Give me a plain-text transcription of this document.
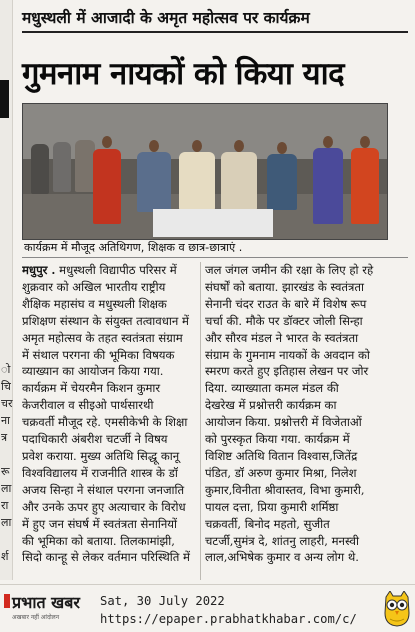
ो
चि
चर
ना
त्र
रू
ला
रा
ला
र्श
मधुस्थली में आजादी के अमृत महोत्सव पर कार्यक्रम
गुमनाम नायकों को किया याद
कार्यक्रम में मौजूद अतिथिगण, शिक्षक व छात्र-छात्राएं .
मधुपुर . मधुस्थली विद्यापीठ परिसर में
शुक्रवार को अखिल भारतीय राष्ट्रीय
शैक्षिक महासंघ व मधुस्थली शिक्षक
प्रशिक्षण संस्थान के संयुक्त तत्वावधान में
अमृत महोत्सव के तहत स्वतंत्रता संग्राम
में संथाल परगना की भूमिका विषयक
व्याख्यान का आयोजन किया गया.
कार्यक्रम में चेयरमैन किशन कुमार
केजरीवाल व सीइओ पार्थसारथी
चक्रवर्ती मौजूद रहे. एमसीकेभी के शिक्षा
पदाधिकारी अंबरीश चटर्जी ने विषय
प्रवेश कराया. मुख्य अतिथि सिद्धू कानू
विश्वविद्यालय में राजनीति शास्त्र के डॉ
अजय सिन्हा ने संथाल परगना जनजाति
और उनके ऊपर हुए अत्याचार के विरोध
में हुए जन संघर्ष में स्वतंत्रता सेनानियों
की भूमिका को बताया. तिलकामांझी,
सिदो कान्हू से लेकर वर्तमान परिस्थिति में
जल जंगल जमीन की रक्षा के लिए हो रहे
संघर्षों को बताया. झारखंड के स्वतंत्रता
सेनानी चंदर राउत के बारे में विशेष रूप
चर्चा की. मौके पर डॉक्टर जोली सिन्हा
और सौरव मंडल ने भारत के स्वतंत्रता
संग्राम के गुमनाम नायकों के अवदान को
स्मरण करते हुए इतिहास लेखन पर जोर
दिया. व्याख्याता कमल मंडल की
देखरेख में प्रश्नोत्तरी कार्यक्रम का
आयोजन किया. प्रश्नोत्तरी में विजेताओं
को पुरस्कृत किया गया. कार्यक्रम में
विशिष्ट अतिथि वितान विश्वास,जितेंद्र
पंडित, डॉ अरुण कुमार मिश्रा, निलेश
कुमार,विनीता श्रीवास्तव, विभा कुमारी,
पायल दत्ता, प्रिया कुमारी शर्मिष्ठा
चक्रवर्ती, बिनोद महतो, सुजीत
चटर्जी,सुमंत्र दे, शांतनु लाहरी, मनस्वी
लाल,अभिषेक कुमार व अन्य लोग थे.
प्रभात खबर
अखबार नहीं आंदोलन
Sat, 30 July 2022
https://epaper.prabhatkhabar.com/c/
